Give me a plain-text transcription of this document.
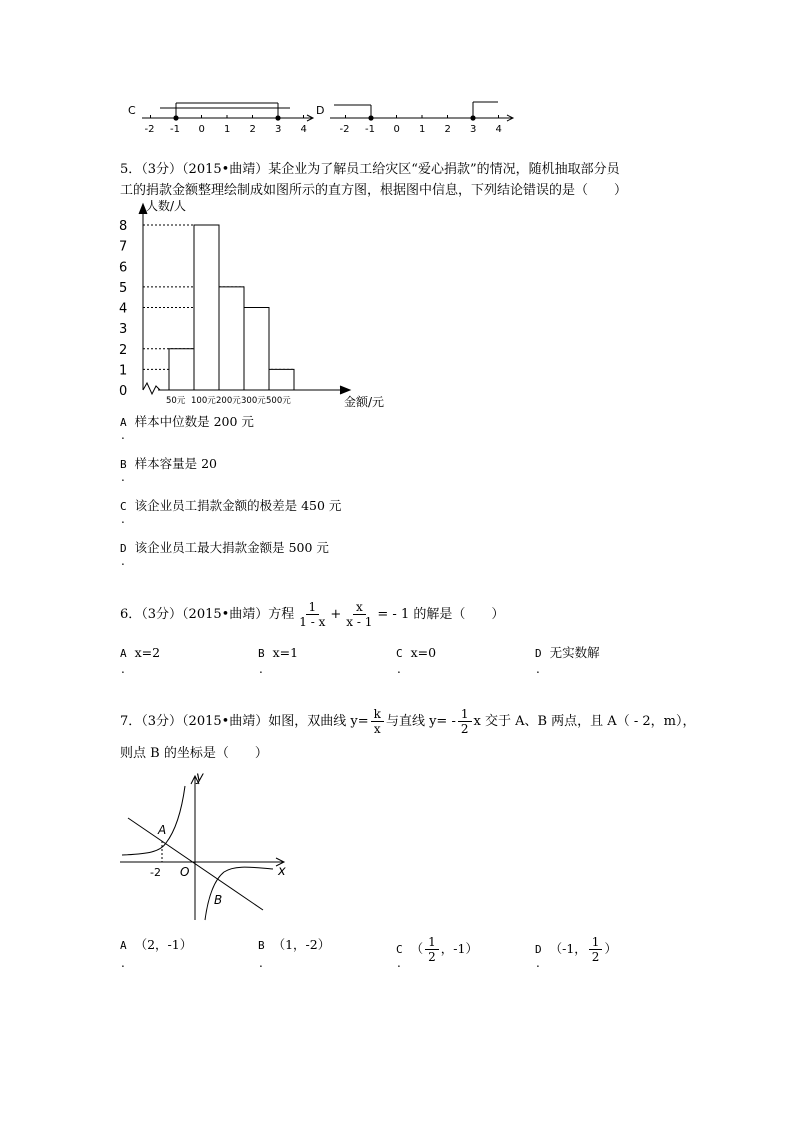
C
-2 -1 0 1 2 3 4
D
-2 -1 0 1 2 3 4
5．（3分）（2015•曲靖）某企业为了解员工给灾区“爱心捐款”的情况，随机抽取部分员
工的捐款金额整理绘制成如图所示的直方图，根据图中信息，下列结论错误的是（　　）
人数/人
金额/元
0
1
2
3
4
5
6
7
8
50元 100元 200元 300元 500元
A 样本中位数是 200 元
.
B 样本容量是 20
.
C 该企业员工捐款金额的极差是 450 元
.
D 该企业员工最大捐款金额是 500 元
.
6．（3分）（2015•曲靖）方程 $\frac{1}{1 - x} + \frac{x}{x - 1}$ = - 1 的解是（　　）
A x=2
.
B x=1
.
C x=0
.
D 无实数解
.
7．（3分）（2015•曲靖）如图，双曲线 $y= \frac{k}{x}$ 与直线 $y= - \frac{1}{2}$ x 交于 A、B 两点，且 A（ - 2，m），
则点 B 的坐标是（　　）
y
x
O
A
B
-2
A （2，-1）
.
B （1，-2）
.
C （ $\frac{1}{2}$ ，-1）
.
D （-1， $\frac{1}{2}$ ）
.
